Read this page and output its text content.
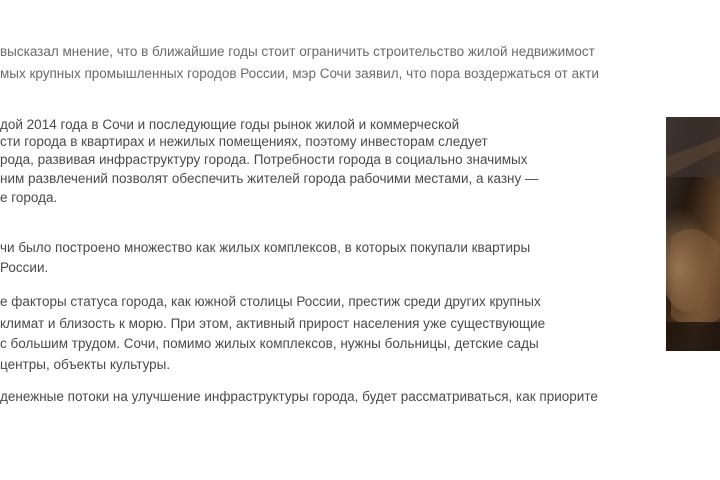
высказал мнение, что в ближайшие годы стоит ограничить строительство жилой недвижимост
мых крупных промышленных городов России, мэр Сочи заявил, что пора воздержаться от акти
дой 2014 года в Сочи и последующие годы рынок жилой и коммерческой
сти города в квартирах и нежилых помещениях, поэтому инвесторам следует
рода, развивая инфраструктуру города. Потребности города в социально значимых
ним развлечений позволят обеспечить жителей города рабочими местами, а казну —
е города.
чи было построено множество как жилых комплексов, в которых покупали квартиры
России.
е факторы статуса города, как южной столицы России, престиж среди других крупных
климат и близость к морю. При этом, активный прирост населения уже существующие
с большим трудом. Сочи, помимо жилых комплексов, нужны больницы, детские сады
центры, объекты культуры.
денежные потоки на улучшение инфраструктуры города, будет рассматриваться, как приорите
